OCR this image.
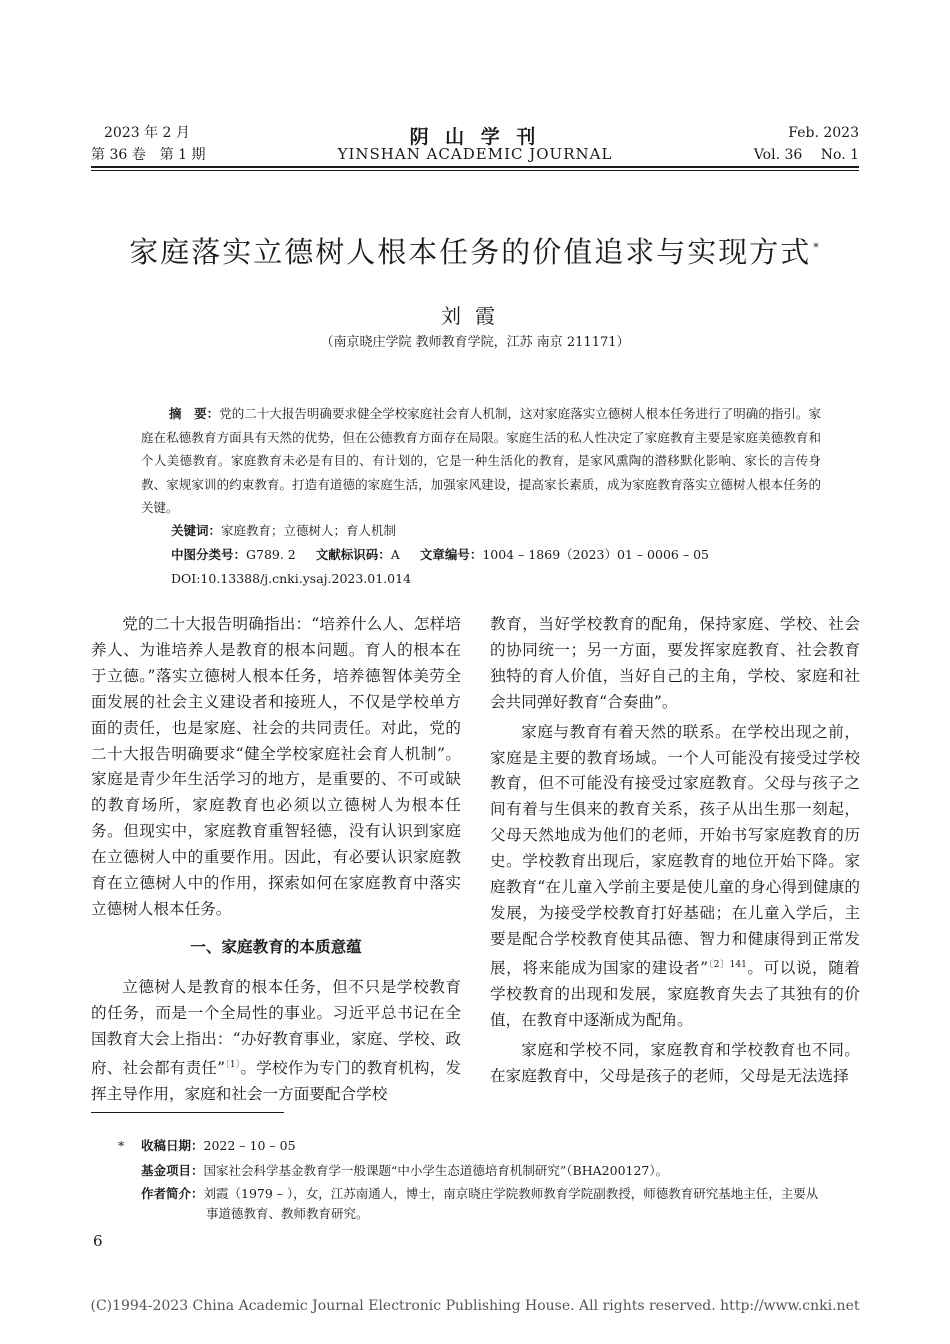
2023 年 2 月
第 36 卷　第 1 期
阴 山 学 刊
YINSHAN ACADEMIC JOURNAL
Feb. 2023
Vol. 36　 No. 1
家庭落实立德树人根本任务的价值追求与实现方式 *
刘霞
（南京晓庄学院 教师教育学院，江苏 南京 211171）

摘　要：党的二十大报告明确要求健全学校家庭社会育人机制，这对家庭落实立德树人根本任务进行了明确的指引。家庭在私德教育方面具有天然的优势，但在公德教育方面存在局限。家庭生活的私人性决定了家庭教育主要是家庭美德教育和个人美德教育。家庭教育未必是有目的、有计划的，它是一种生活化的教育，是家风熏陶的潜移默化影响、家长的言传身教、家规家训的约束教育。打造有道德的家庭生活，加强家风建设，提高家长素质，成为家庭教育落实立德树人根本任务的关键。

关键词：家庭教育；立德树人；育人机制
中图分类号：G789. 2 文献标识码：A 文章编号：1004 – 1869（2023）01 – 0006 – 05
DOI:10.13388/j.cnki.ysaj.2023.01.014

党的二十大报告明确指出：“培养什么人、怎样培养人、为谁培养人是教育的根本问题。育人的根本在于立德。”落实立德树人根本任务，培养德智体美劳全面发展的社会主义建设者和接班人，不仅是学校单方面的责任，也是家庭、社会的共同责任。对此，党的二十大报告明确要求“健全学校家庭社会育人机制”。家庭是青少年生活学习的地方，是重要的、不可或缺的教育场所，家庭教育也必须以立德树人为根本任务。但现实中，家庭教育重智轻德，没有认识到家庭在立德树人中的重要作用。因此，有必要认识家庭教育在立德树人中的作用，探索如何在家庭教育中落实立德树人根本任务。

一、家庭教育的本质意蕴

立德树人是教育的根本任务，但不只是学校教育的任务，而是一个全局性的事业。习近平总书记在全国教育大会上指出：“办好教育事业，家庭、学校、政府、社会都有责任”$^{〔1〕}$。学校作为专门的教育机构，发挥主导作用，家庭和社会一方面要配合学校

教育，当好学校教育的配角，保持家庭、学校、社会的协同统一；另一方面，要发挥家庭教育、社会教育独特的育人价值，当好自己的主角，学校、家庭和社会共同弹好教育“合奏曲”。

家庭与教育有着天然的联系。在学校出现之前，家庭是主要的教育场域。一个人可能没有接受过学校教育，但不可能没有接受过家庭教育。父母与孩子之间有着与生俱来的教育关系，孩子从出生那一刻起，父母天然地成为他们的老师，开始书写家庭教育的历史。学校教育出现后，家庭教育的地位开始下降。家庭教育“在儿童入学前主要是使儿童的身心得到健康的发展，为接受学校教育打好基础；在儿童入学后，主要是配合学校教育使其品德、智力和健康得到正常发展，将来能成为国家的建设者”$^{〔2〕141}$。可以说，随着学校教育的出现和发展，家庭教育失去了其独有的价值，在教育中逐渐成为配角。

家庭和学校不同，家庭教育和学校教育也不同。在家庭教育中，父母是孩子的老师，父母是无法选择

* 收稿日期：2022 – 10 – 05
基金项目：国家社会科学基金教育学一般课题“中小学生态道德培育机制研究”（BHA200127）。
作者简介：刘霞（1979 – ），女，江苏南通人，博士，南京晓庄学院教师教育学院副教授，师德教育研究基地主任，主要从
事道德教育、教师教育研究。
6
(C)1994-2023 China Academic Journal Electronic Publishing House. All rights reserved. http://www.cnki.net
